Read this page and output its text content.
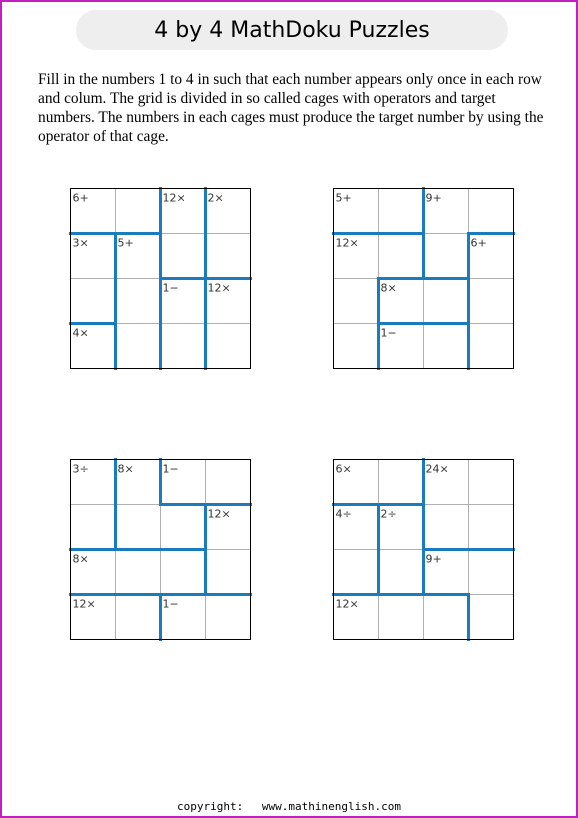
4 by 4 MathDoku Puzzles
Fill in the numbers 1 to 4 in such that each number appears only once in each row and colum. The grid is divided in so called cages with operators and target numbers. The numbers in each cages must produce the target number by using the operator of that cage.
6+	12× 2×
3×	5+
1−	12×
4×
5+	9+
12×	6+
8×
1−
3÷	8×	1−
12×
8×
12×	1−
6×	24×
4÷	2÷
9+
12×
copyright: www.mathinenglish.com
